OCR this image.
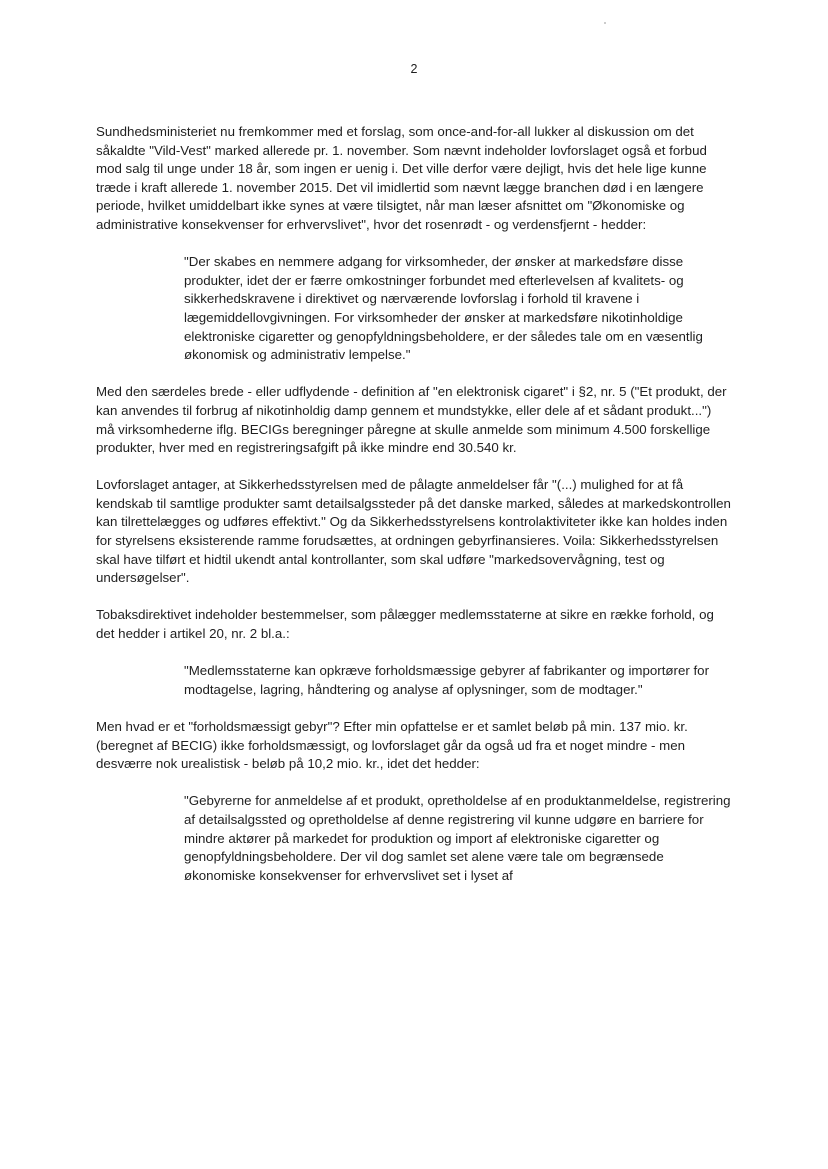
2

Sundhedsministeriet nu fremkommer med et forslag, som once-and-for-all lukker al diskussion om det såkaldte "Vild-Vest" marked allerede pr. 1. november. Som nævnt indeholder lovforslaget også et forbud mod salg til unge under 18 år, som ingen er uenig i. Det ville derfor være dejligt, hvis det hele lige kunne træde i kraft allerede 1. november 2015. Det vil imidlertid som nævnt lægge branchen død i en længere periode, hvilket umiddelbart ikke synes at være tilsigtet, når man læser afsnittet om "Økonomiske og administrative konsekvenser for erhvervslivet", hvor det rosenrødt - og verdensfjernt - hedder:

"Der skabes en nemmere adgang for virksomheder, der ønsker at markedsføre disse produkter, idet der er færre omkostninger forbundet med efterlevelsen af kvalitets- og sikkerhedskravene i direktivet og nærværende lovforslag i forhold til kravene i lægemiddellovgivningen. For virksomheder der ønsker at markedsføre nikotinholdige elektroniske cigaretter og genopfyldningsbeholdere, er der således tale om en væsentlig økonomisk og administrativ lempelse."

Med den særdeles brede - eller udflydende - definition af "en elektronisk cigaret" i §2, nr. 5 ("Et produkt, der kan anvendes til forbrug af nikotinholdig damp gennem et mundstykke, eller dele af et sådant produkt...") må virksomhederne iflg. BECIGs beregninger påregne at skulle anmelde som minimum 4.500 forskellige produkter, hver med en registreringsafgift på ikke mindre end 30.540 kr.

Lovforslaget antager, at Sikkerhedsstyrelsen med de pålagte anmeldelser får "(...) mulighed for at få kendskab til samtlige produkter samt detailsalgssteder på det danske marked, således at markedskontrollen kan tilrettelægges og udføres effektivt." Og da Sikkerhedsstyrelsens kontrolaktiviteter ikke kan holdes inden for styrelsens eksisterende ramme forudsættes, at ordningen gebyrfinansieres. Voila: Sikkerhedsstyrelsen skal have tilført et hidtil ukendt antal kontrollanter, som skal udføre "markedsovervågning, test og undersøgelser".

Tobaksdirektivet indeholder bestemmelser, som pålægger medlemsstaterne at sikre en række forhold, og det hedder i artikel 20, nr. 2 bl.a.:

"Medlemsstaterne kan opkræve forholdsmæssige gebyrer af fabrikanter og importører for modtagelse, lagring, håndtering og analyse af oplysninger, som de modtager."

Men hvad er et "forholdsmæssigt gebyr"? Efter min opfattelse er et samlet beløb på min. 137 mio. kr. (beregnet af BECIG) ikke forholdsmæssigt, og lovforslaget går da også ud fra et noget mindre - men desværre nok urealistisk - beløb på 10,2 mio. kr., idet det hedder:

"Gebyrerne for anmeldelse af et produkt, opretholdelse af en produktanmeldelse, registrering af detailsalgssted og opretholdelse af denne registrering vil kunne udgøre en barriere for mindre aktører på markedet for produktion og import af elektroniske cigaretter og genopfyldningsbeholdere. Der vil dog samlet set alene være tale om begrænsede økonomiske konsekvenser for erhvervslivet set i lyset af
